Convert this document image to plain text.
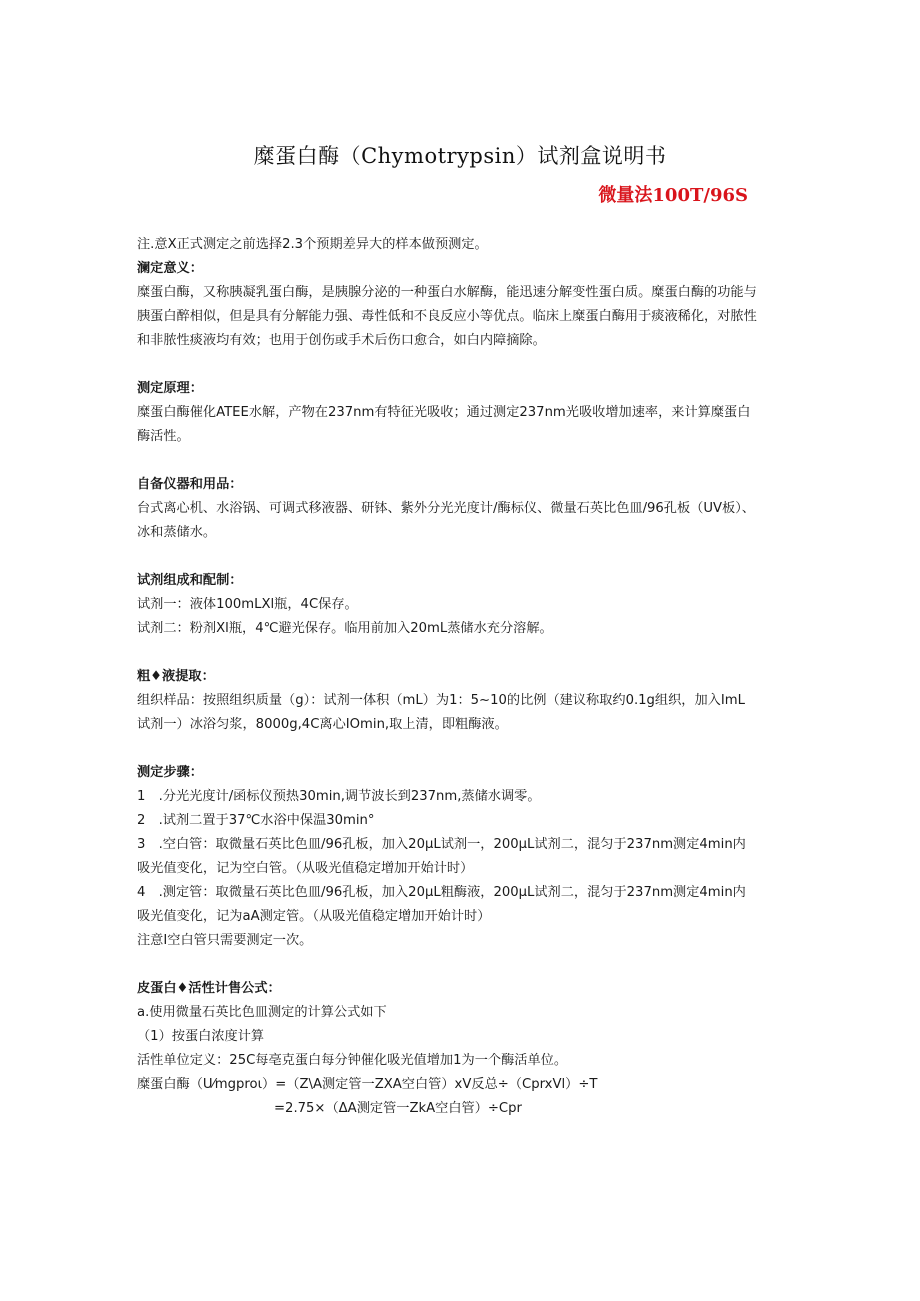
糜蛋白酶（Chymotrypsin）试剂盒说明书
微量法100T/96S
注.意X正式测定之前选择2.3个预期差异大的样本做预测定。
澜定意义：
糜蛋白酶，又称胰凝乳蛋白酶，是胰腺分泌的一种蛋白水解酶，能迅速分解变性蛋白质。糜蛋白酶的功能与
胰蛋白醉相似，但是具有分解能力强、毒性低和不良反应小等优点。临床上糜蛋白酶用于痰液稀化，对脓性
和非脓性痰液均有效；也用于创伤或手术后伤口愈合，如白内障摘除。
测定原理：
糜蛋白酶催化ATEE水解，产物在237nm有特征光吸收；通过测定237nm光吸收增加速率，来计算糜蛋白
酶活性。
自备仪器和用品：
台式离心机、水浴锅、可调式移液器、研钵、紫外分光光度计/酶标仪、微量石英比色皿/96孔板（UV板）、
冰和蒸储水。
试剂组成和配制：
试剂一：液体100mLXl瓶，4C保存。
试剂二：粉剂Xl瓶，4℃避光保存。临用前加入20mL蒸储水充分溶解。
粗♦液提取：
组织样品：按照组织质量（g）：试剂一体积（mL）为1：5~10的比例（建议称取约0.1g组织，加入ImL
试剂一）冰浴匀浆，8000g,4C离心IOmin,取上清，即粗酶液。
测定步骤：
1　.分光光度计/函标仪预热30min,调节波长到237nm,蒸储水调零。
2　.试剂二置于37℃水浴中保温30min°
3　.空白管：取微量石英比色皿/96孔板，加入20μL试剂一，200μL试剂二，混匀于237nm测定4min内
吸光值变化，记为空白管。（从吸光值稳定增加开始计时）
4　.测定管：取微量石英比色皿/96孔板，加入20μL粗酶液，200μL试剂二，混匀于237nm测定4min内
吸光值变化，记为aA测定管。（从吸光值稳定增加开始计时）
注意I空白管只需要测定一次。
皮蛋白♦活性计售公式：
a.使用微量石英比色皿测定的计算公式如下
（1）按蛋白浓度计算
活性单位定义：25C每亳克蛋白每分钟催化吸光值增加1为一个酶活单位。
糜蛋白酶（U⁄mgproι）=（Z\A测定管一ZXA空白管）xV反总÷（CprxVl）÷T
=2.75×（ΔA测定管一ZkA空白管）÷Cpr
